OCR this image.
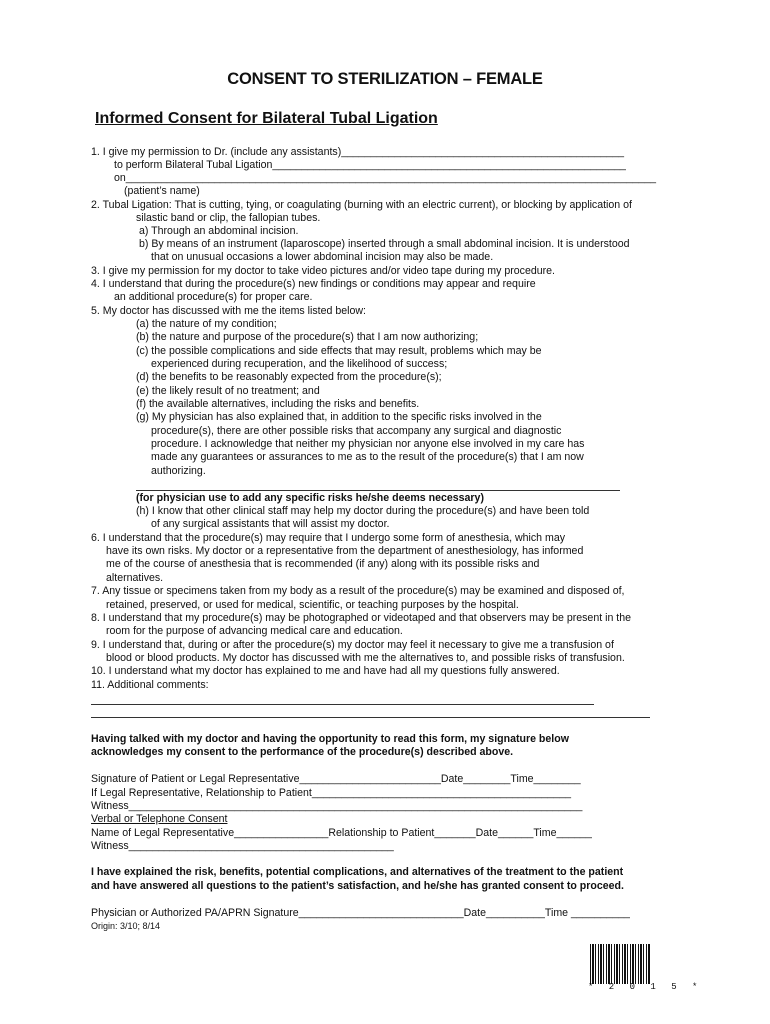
CONSENT TO STERILIZATION – FEMALE
Informed Consent for Bilateral Tubal Ligation
1. I give my permission to Dr. (include any assistants)________________________________________________
to perform Bilateral Tubal Ligation____________________________________________________________
on__________________________________________________________________________________________
(patient’s name)
2. Tubal Ligation: That is cutting, tying, or coagulating (burning with an electric current), or blocking by application of
silastic band or clip, the fallopian tubes.
a) Through an abdominal incision.
b) By means of an instrument (laparoscope) inserted through a small abdominal incision. It is understood
that on unusual occasions a lower abdominal incision may also be made.
3. I give my permission for my doctor to take video pictures and/or video tape during my procedure.
4. I understand that during the procedure(s) new findings or conditions may appear and require
an additional procedure(s) for proper care.
5. My doctor has discussed with me the items listed below:
(a) the nature of my condition;
(b) the nature and purpose of the procedure(s) that I am now authorizing;
(c) the possible complications and side effects that may result, problems which may be
experienced during recuperation, and the likelihood of success;
(d) the benefits to be reasonably expected from the procedure(s);
(e) the likely result of no treatment; and
(f) the available alternatives, including the risks and benefits.
(g) My physician has also explained that, in addition to the specific risks involved in the
procedure(s), there are other possible risks that accompany any surgical and diagnostic
procedure. I acknowledge that neither my physician nor anyone else involved in my care has
made any guarantees or assurances to me as to the result of the procedure(s) that I am now
authorizing.
(for physician use to add any specific risks he/she deems necessary)
(h) I know that other clinical staff may help my doctor during the procedure(s) and have been told
of any surgical assistants that will assist my doctor.
6. I understand that the procedure(s) may require that I undergo some form of anesthesia, which may
have its own risks. My doctor or a representative from the department of anesthesiology, has informed
me of the course of anesthesia that is recommended (if any) along with its possible risks and
alternatives.
7. Any tissue or specimens taken from my body as a result of the procedure(s) may be examined and disposed of,
retained, preserved, or used for medical, scientific, or teaching purposes by the hospital.
8. I understand that my procedure(s) may be photographed or videotaped and that observers may be present in the
room for the purpose of advancing medical care and education.
9. I understand that, during or after the procedure(s) my doctor may feel it necessary to give me a transfusion of
blood or blood products. My doctor has discussed with me the alternatives to, and possible risks of transfusion.
10. I understand what my doctor has explained to me and have had all my questions fully answered.
11. Additional comments:
Having talked with my doctor and having the opportunity to read this form, my signature below
acknowledges my consent to the performance of the procedure(s) described above.
Signature of Patient or Legal Representative________________________Date________Time________
If Legal Representative, Relationship to Patient____________________________________________
Witness_____________________________________________________________________________
Verbal or Telephone Consent
Name of Legal Representative________________Relationship to Patient_______Date______Time______
Witness_____________________________________________
I have explained the risk, benefits, potential complications, and alternatives of the treatment to the patient
and have answered all questions to the patient’s satisfaction, and he/she has granted consent to proceed.
Physician or Authorized PA/APRN Signature____________________________Date__________Time __________
Origin: 3/10; 8/14
* 2 0 1 5 *
